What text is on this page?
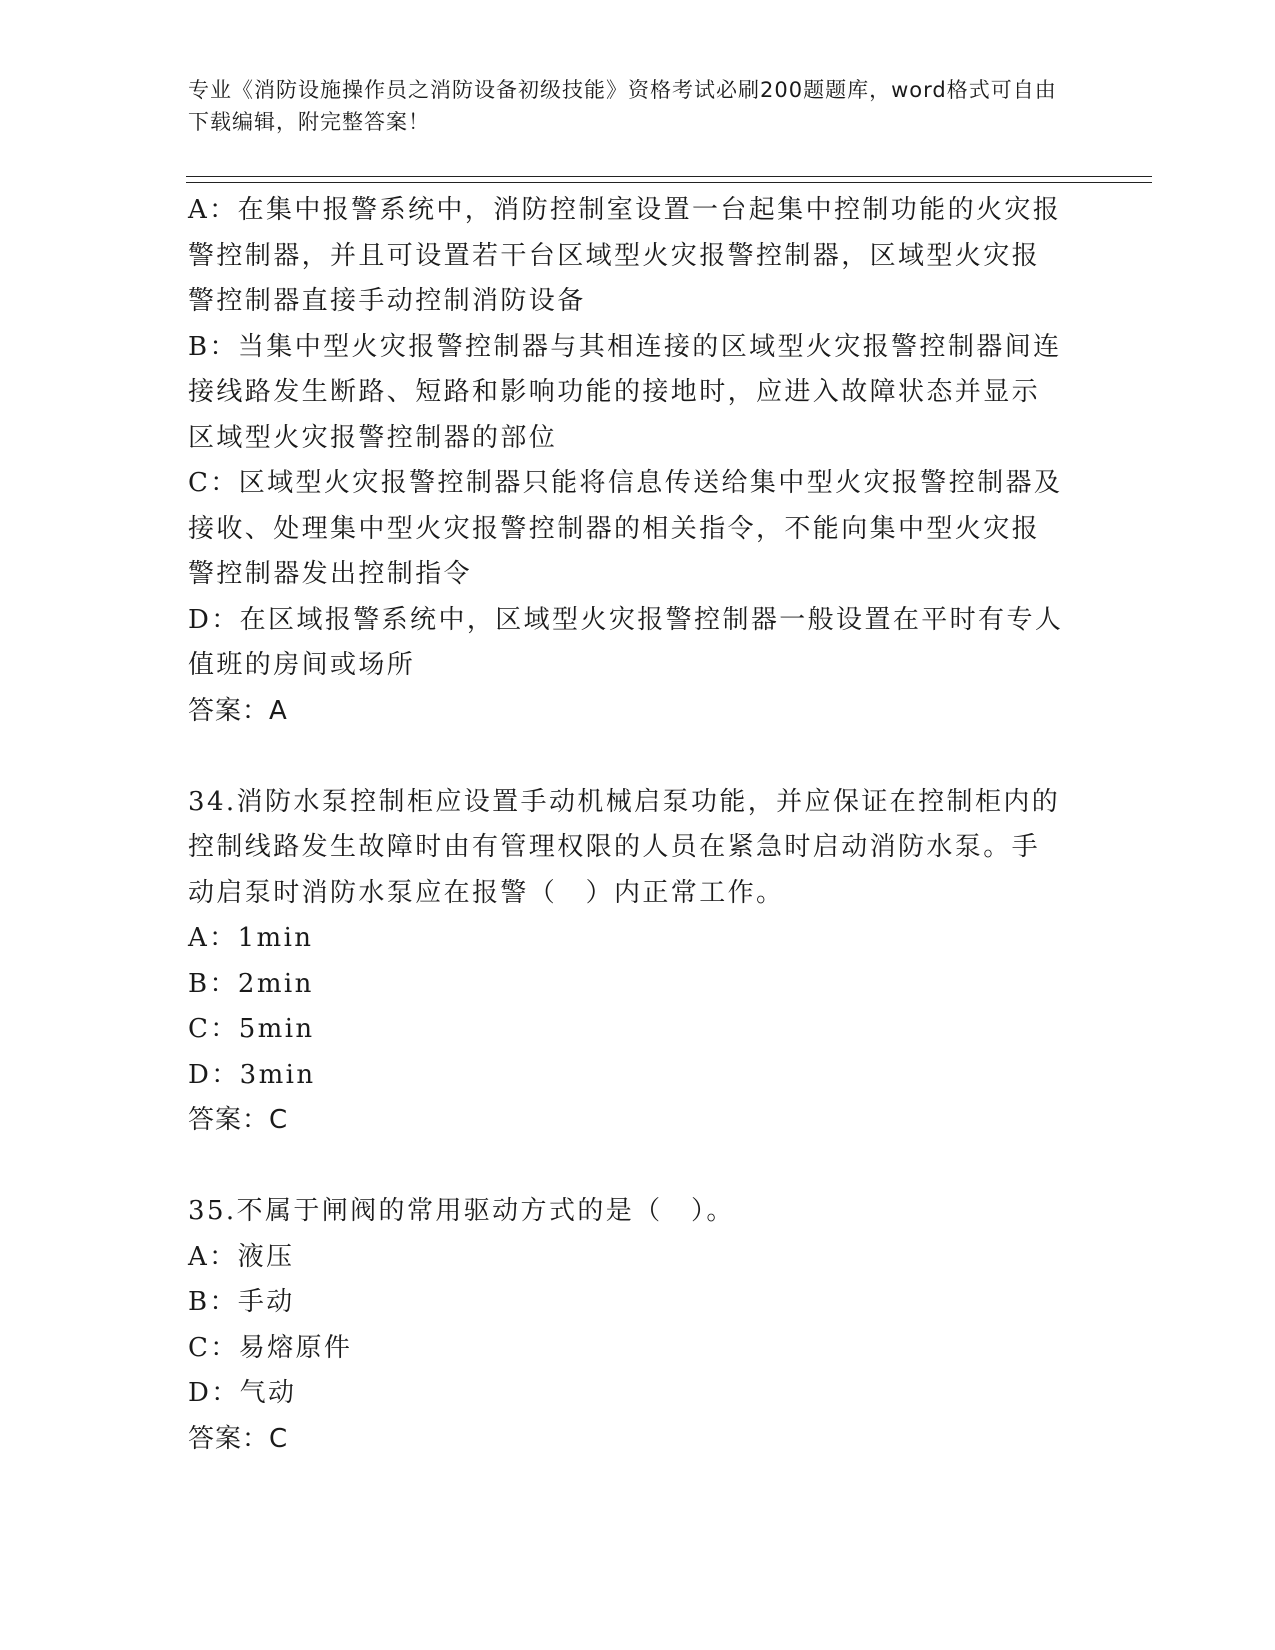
专业《消防设施操作员之消防设备初级技能》资格考试必刷200题题库，word格式可自由下载编辑，附完整答案！
A：在集中报警系统中，消防控制室设置一台起集中控制功能的火灾报警控制器，并且可设置若干台区域型火灾报警控制器，区域型火灾报警控制器直接手动控制消防设备
B：当集中型火灾报警控制器与其相连接的区域型火灾报警控制器间连接线路发生断路、短路和影响功能的接地时，应进入故障状态并显示区域型火灾报警控制器的部位
C：区域型火灾报警控制器只能将信息传送给集中型火灾报警控制器及接收、处理集中型火灾报警控制器的相关指令，不能向集中型火灾报警控制器发出控制指令
D：在区域报警系统中，区域型火灾报警控制器一般设置在平时有专人值班的房间或场所
答案：A
34.消防水泵控制柜应设置手动机械启泵功能，并应保证在控制柜内的控制线路发生故障时由有管理权限的人员在紧急时启动消防水泵。手动启泵时消防水泵应在报警（　）内正常工作。
A：1min
B：2min
C：5min
D：3min
答案：C
35.不属于闸阀的常用驱动方式的是（　）。
A：液压
B：手动
C：易熔原件
D：气动
答案：C
